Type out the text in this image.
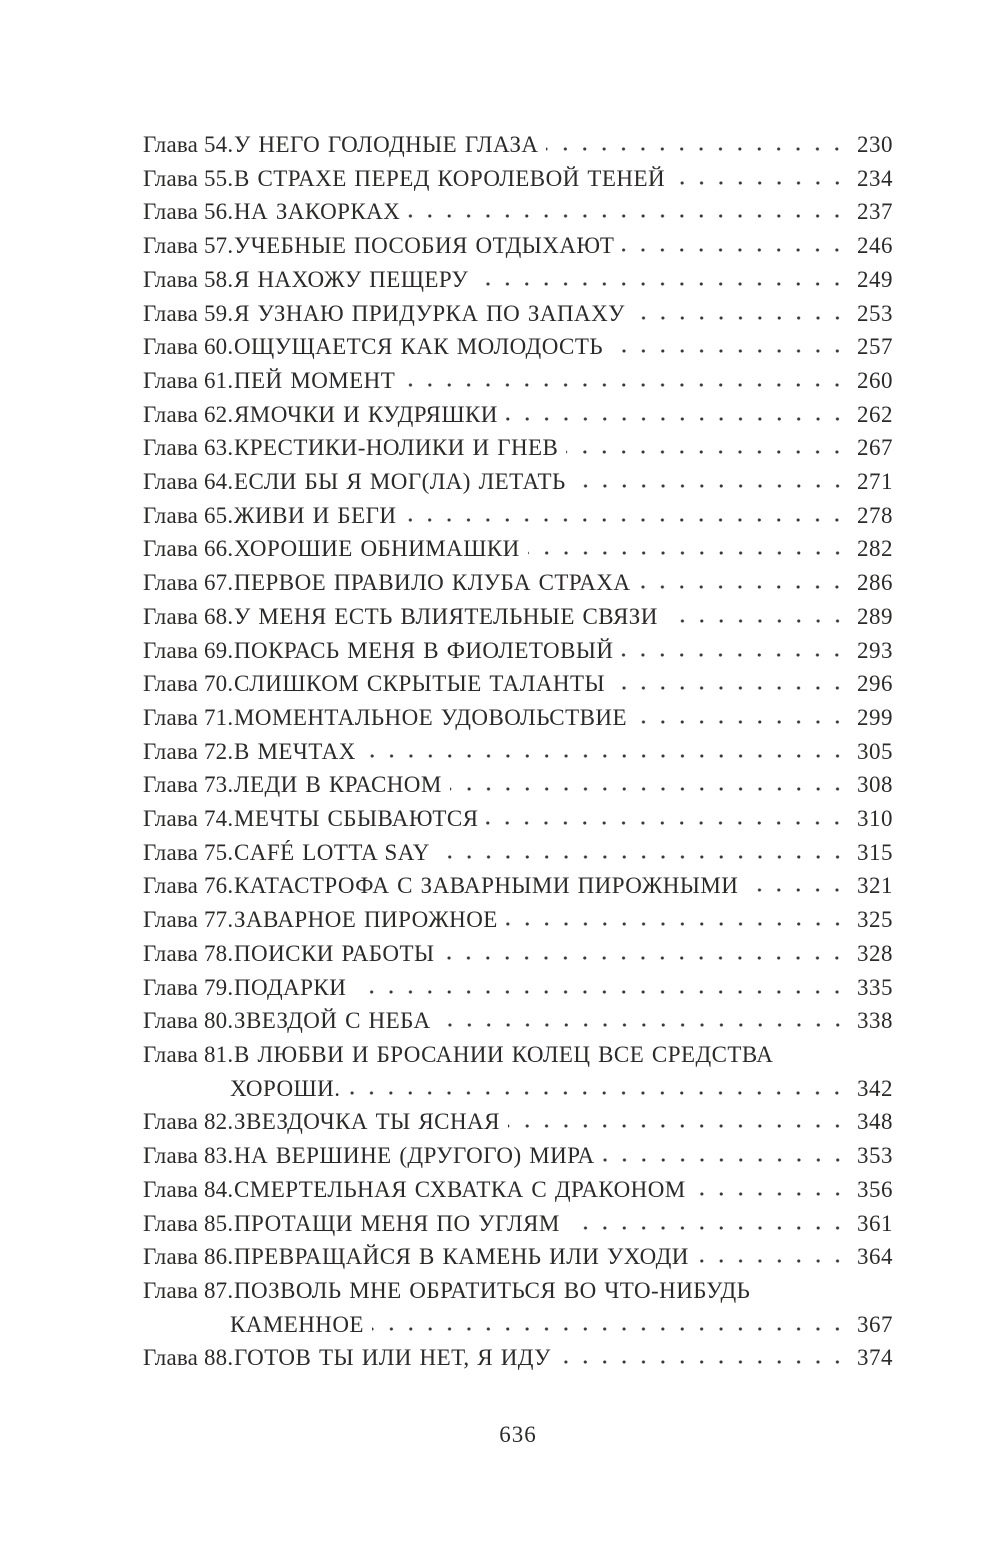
Глава 54. У НЕГО ГОЛОДНЫЕ ГЛАЗА	230
Глава 55. В СТРАХЕ ПЕРЕД КОРОЛЕВОЙ ТЕНЕЙ	234
Глава 56. НА ЗАКОРКАХ	237
Глава 57. УЧЕБНЫЕ ПОСОБИЯ ОТДЫХАЮТ	246
Глава 58. Я НАХОЖУ ПЕЩЕРУ	249
Глава 59. Я УЗНАЮ ПРИДУРКА ПО ЗАПАХУ	253
Глава 60. ОЩУЩАЕТСЯ КАК МОЛОДОСТЬ	257
Глава 61. ПЕЙ МОМЕНТ	260
Глава 62. ЯМОЧКИ И КУДРЯШКИ	262
Глава 63. КРЕСТИКИ-НОЛИКИ И ГНЕВ	267
Глава 64. ЕСЛИ БЫ Я МОГ(ЛА) ЛЕТАТЬ	271
Глава 65. ЖИВИ И БЕГИ	278
Глава 66. ХОРОШИЕ ОБНИМАШКИ	282
Глава 67. ПЕРВОЕ ПРАВИЛО КЛУБА СТРАХА	286
Глава 68. У МЕНЯ ЕСТЬ ВЛИЯТЕЛЬНЫЕ СВЯЗИ	289
Глава 69. ПОКРАСЬ МЕНЯ В ФИОЛЕТОВЫЙ	293
Глава 70. СЛИШКОМ СКРЫТЫЕ ТАЛАНТЫ	296
Глава 71. МОМЕНТАЛЬНОЕ УДОВОЛЬСТВИЕ	299
Глава 72. В МЕЧТАХ	305
Глава 73. ЛЕДИ В КРАСНОМ	308
Глава 74. МЕЧТЫ СБЫВАЮТСЯ	310
Глава 75. CAFÉ LOTTA SAY	315
Глава 76. КАТАСТРОФА С ЗАВАРНЫМИ ПИРОЖНЫМИ	321
Глава 77. ЗАВАРНОЕ ПИРОЖНОЕ	325
Глава 78. ПОИСКИ РАБОТЫ	328
Глава 79. ПОДАРКИ	335
Глава 80. ЗВЕЗДОЙ С НЕБА	338
Глава 81. В ЛЮБВИ И БРОСАНИИ КОЛЕЦ ВСЕ СРЕДСТВА
ХОРОШИ.	342
Глава 82. ЗВЕЗДОЧКА ТЫ ЯСНАЯ	348
Глава 83. НА ВЕРШИНЕ (ДРУГОГО) МИРА	353
Глава 84. СМЕРТЕЛЬНАЯ СХВАТКА С ДРАКОНОМ	356
Глава 85. ПРОТАЩИ МЕНЯ ПО УГЛЯМ	361
Глава 86. ПРЕВРАЩАЙСЯ В КАМЕНЬ ИЛИ УХОДИ	364
Глава 87. ПОЗВОЛЬ МНЕ ОБРАТИТЬСЯ ВО ЧТО-НИБУДЬ
КАМЕННОЕ	367
Глава 88. ГОТОВ ТЫ ИЛИ НЕТ, Я ИДУ	374
636
